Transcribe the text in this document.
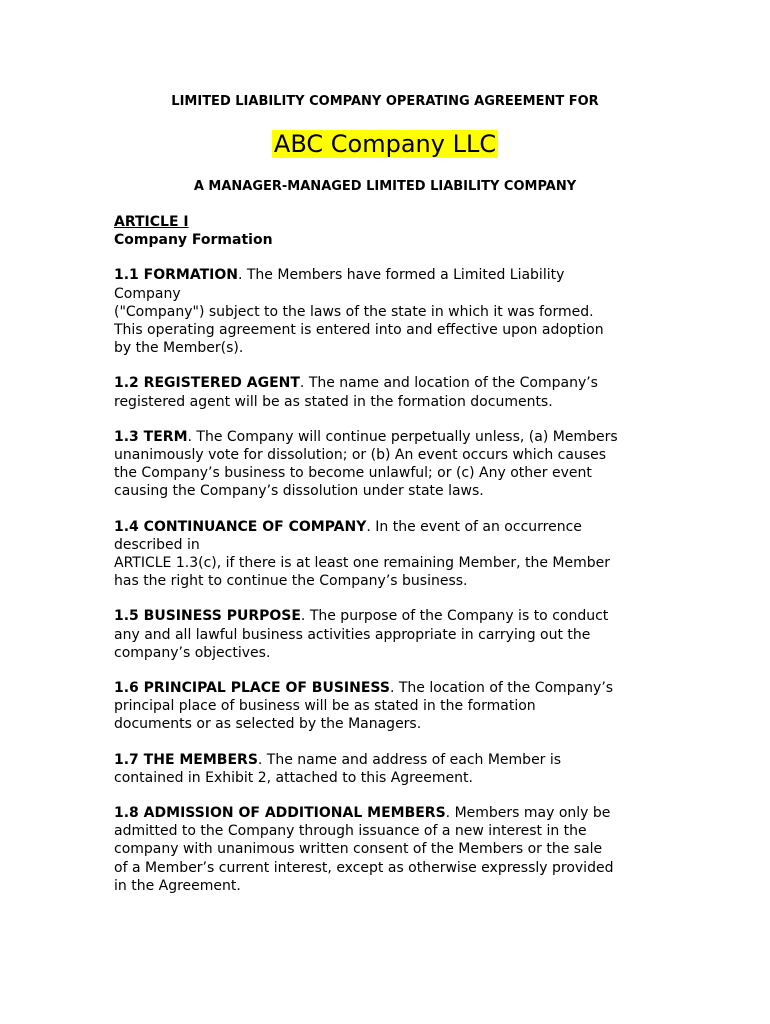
LIMITED LIABILITY COMPANY OPERATING AGREEMENT FOR
ABC Company LLC
A MANAGER-MANAGED LIMITED LIABILITY COMPANY
ARTICLE I
Company Formation
1.1 FORMATION. The Members have formed a Limited Liability
Company
("Company") subject to the laws of the state in which it was formed.
This operating agreement is entered into and effective upon adoption
by the Member(s).
1.2 REGISTERED AGENT. The name and location of the Company’s
registered agent will be as stated in the formation documents.
1.3 TERM. The Company will continue perpetually unless, (a) Members
unanimously vote for dissolution; or (b) An event occurs which causes
the Company’s business to become unlawful; or (c) Any other event
causing the Company’s dissolution under state laws.
1.4 CONTINUANCE OF COMPANY. In the event of an occurrence
described in
ARTICLE 1.3(c), if there is at least one remaining Member, the Member
has the right to continue the Company’s business.
1.5 BUSINESS PURPOSE. The purpose of the Company is to conduct
any and all lawful business activities appropriate in carrying out the
company’s objectives.
1.6 PRINCIPAL PLACE OF BUSINESS. The location of the Company’s
principal place of business will be as stated in the formation
documents or as selected by the Managers.
1.7 THE MEMBERS. The name and address of each Member is
contained in Exhibit 2, attached to this Agreement.
1.8 ADMISSION OF ADDITIONAL MEMBERS. Members may only be
admitted to the Company through issuance of a new interest in the
company with unanimous written consent of the Members or the sale
of a Member’s current interest, except as otherwise expressly provided
in the Agreement.
